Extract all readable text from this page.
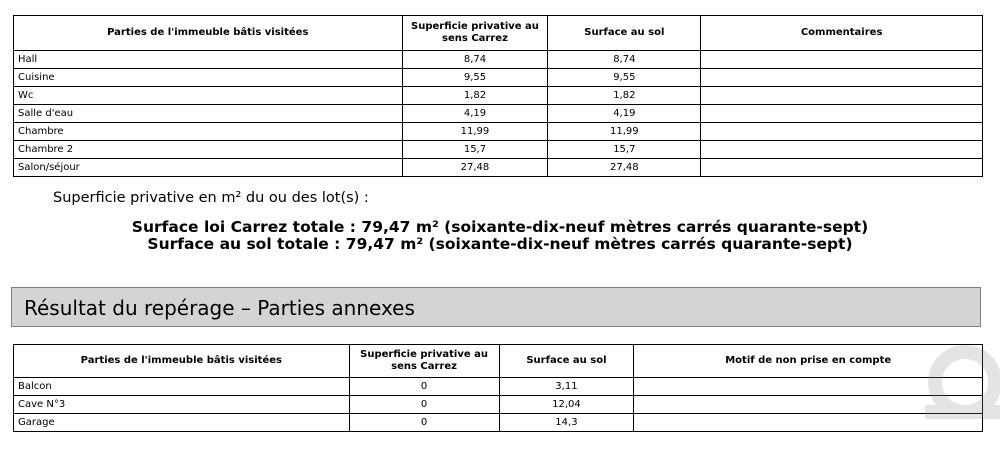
Parties de l'immeuble bâtis visitées	Superficie privative au sens Carrez	Surface au sol	Commentaires
Hall	8,74	8,74	
Cuisine	9,55	9,55	
Wc	1,82	1,82	
Salle d'eau	4,19	4,19	
Chambre	11,99	11,99	
Chambre 2	15,7	15,7	
Salon/séjour	27,48	27,48	
Superficie privative en m² du ou des lot(s) :
Surface loi Carrez totale : 79,47 m² (soixante-dix-neuf mètres carrés quarante-sept)
Surface au sol totale : 79,47 m² (soixante-dix-neuf mètres carrés quarante-sept)
Résultat du repérage – Parties annexes
Parties de l'immeuble bâtis visitées	Superficie privative au sens Carrez	Surface au sol	Motif de non prise en compte
Balcon	0	3,11	
Cave N°3	0	12,04	
Garage	0	14,3	
